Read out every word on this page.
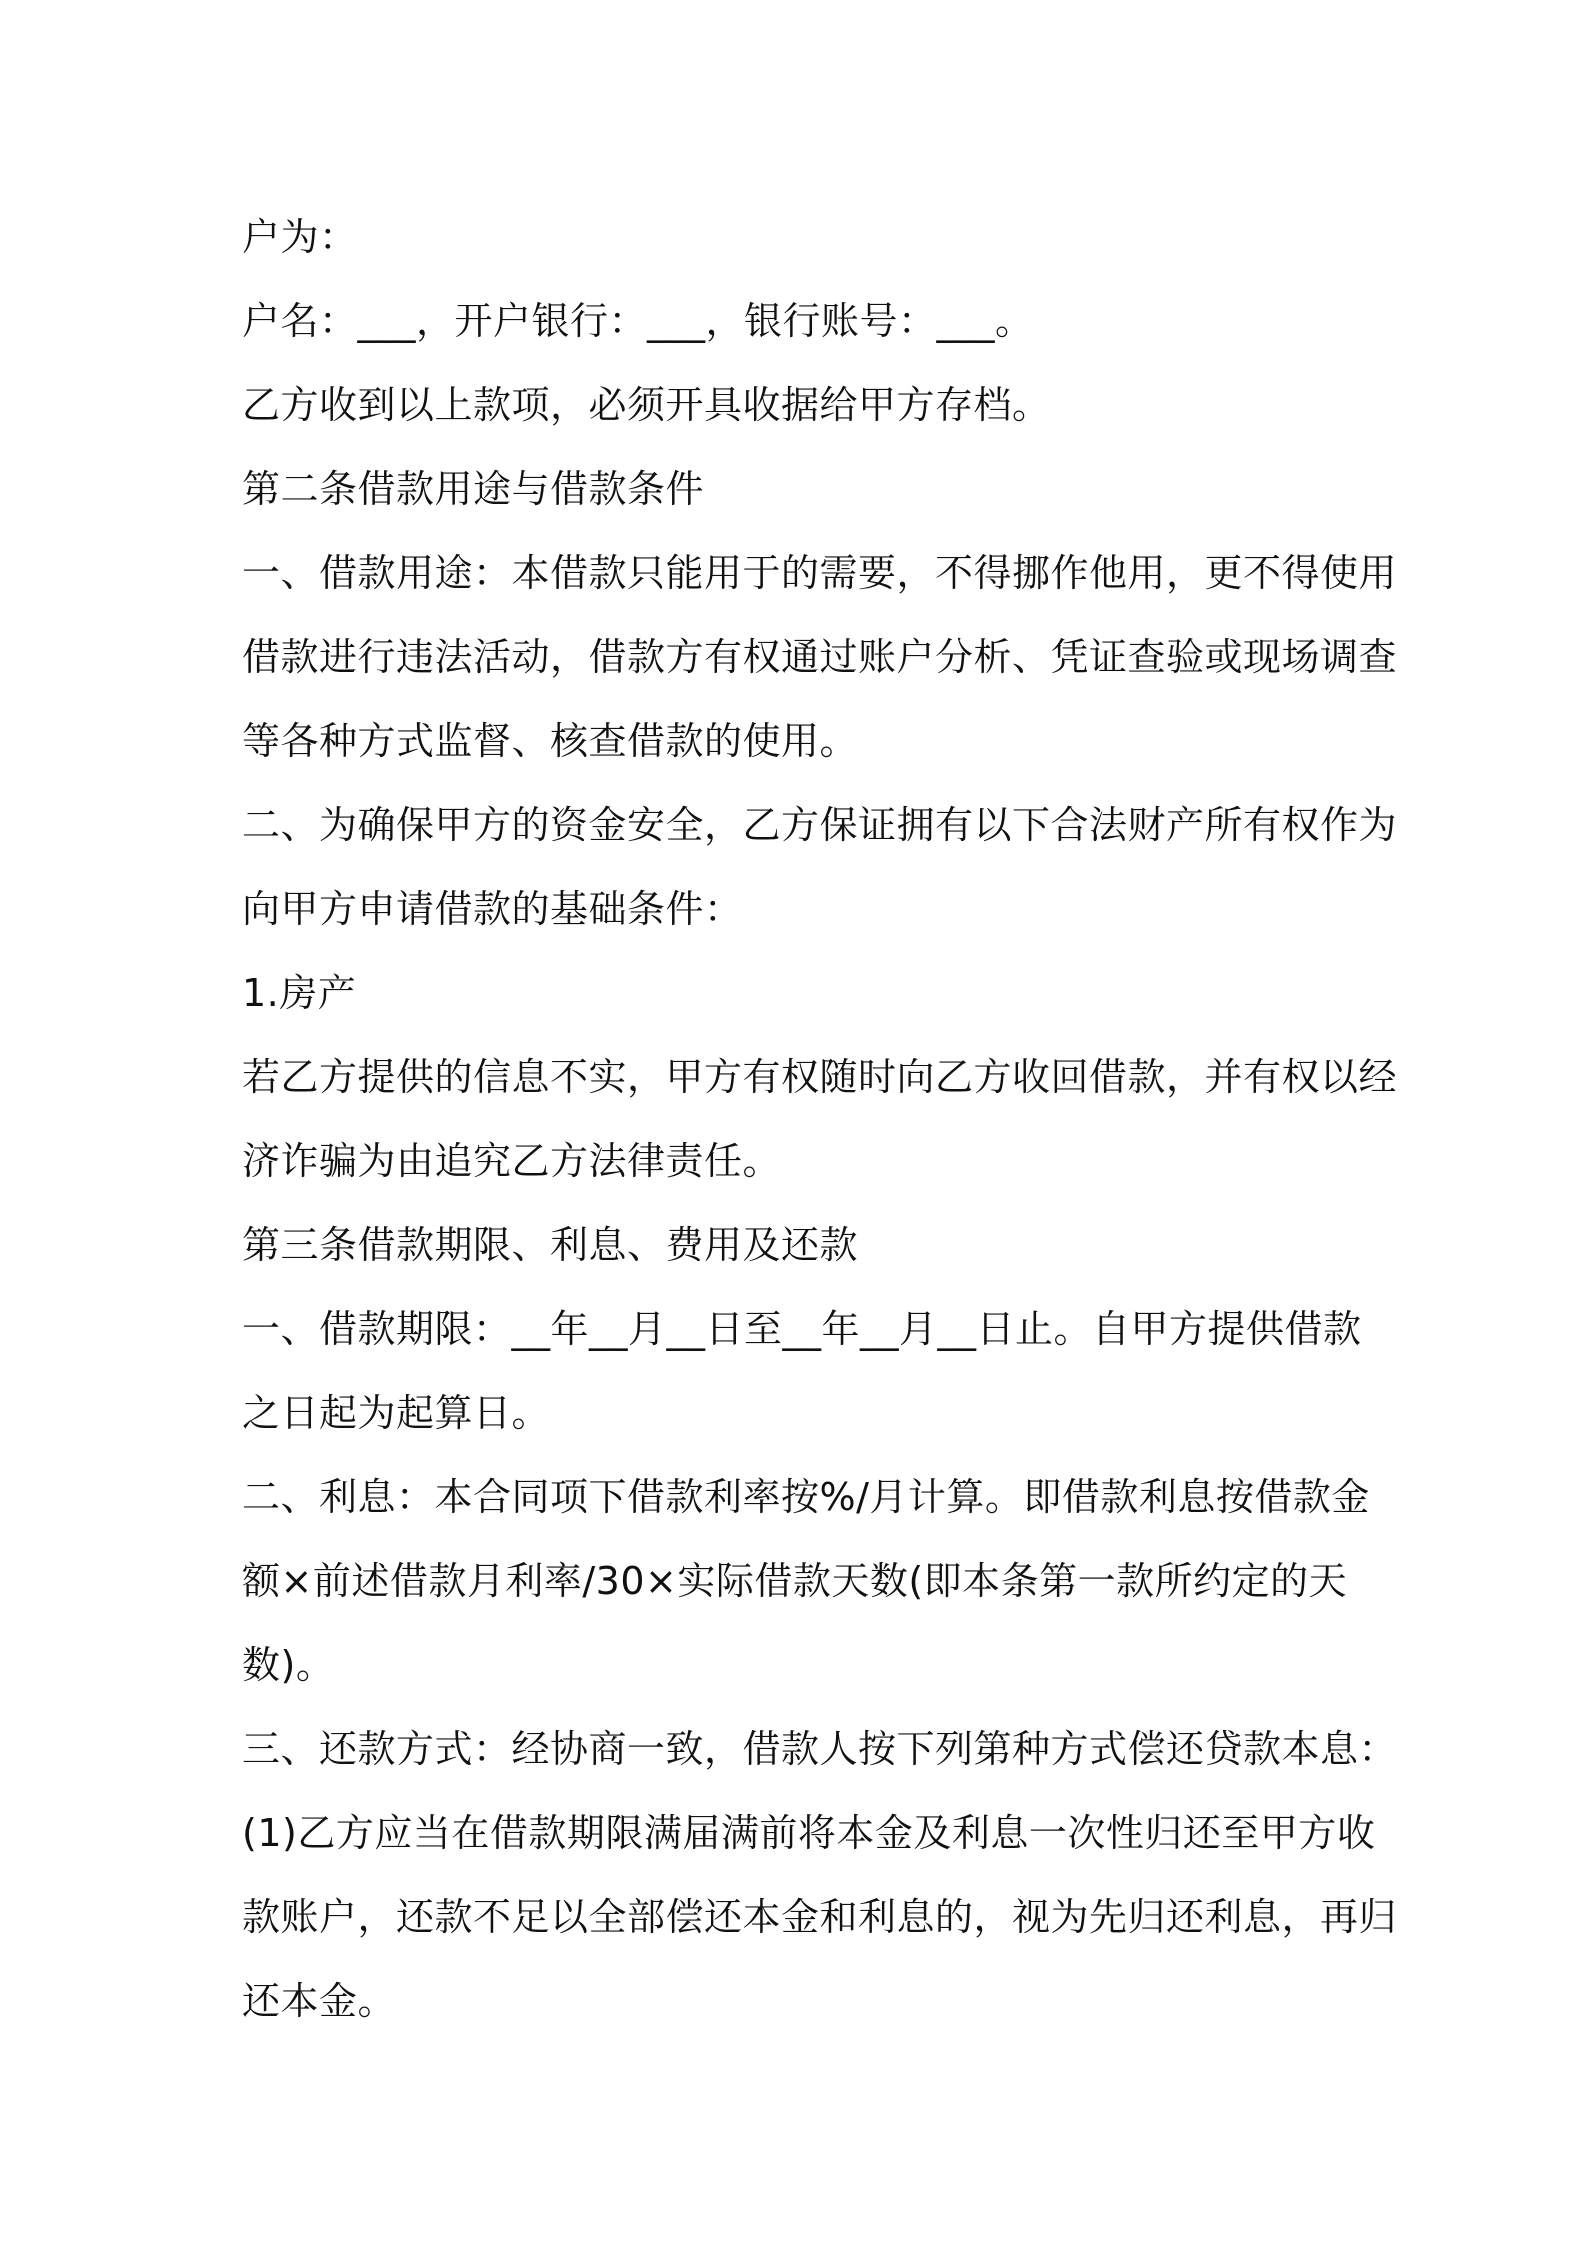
户为：
户名：___，开户银行：___，银行账号：___。
乙方收到以上款项，必须开具收据给甲方存档。
第二条借款用途与借款条件
一、借款用途：本借款只能用于的需要，不得挪作他用，更不得使用
借款进行违法活动，借款方有权通过账户分析、凭证查验或现场调查
等各种方式监督、核查借款的使用。
二、为确保甲方的资金安全，乙方保证拥有以下合法财产所有权作为
向甲方申请借款的基础条件：
1.房产
若乙方提供的信息不实，甲方有权随时向乙方收回借款，并有权以经
济诈骗为由追究乙方法律责任。
第三条借款期限、利息、费用及还款
一、借款期限：__年__月__日至__年__月__日止。自甲方提供借款
之日起为起算日。
二、利息：本合同项下借款利率按%/月计算。即借款利息按借款金
额×前述借款月利率/30×实际借款天数(即本条第一款所约定的天
数)。
三、还款方式：经协商一致，借款人按下列第种方式偿还贷款本息：
(1)乙方应当在借款期限满届满前将本金及利息一次性归还至甲方收
款账户，还款不足以全部偿还本金和利息的，视为先归还利息，再归
还本金。
